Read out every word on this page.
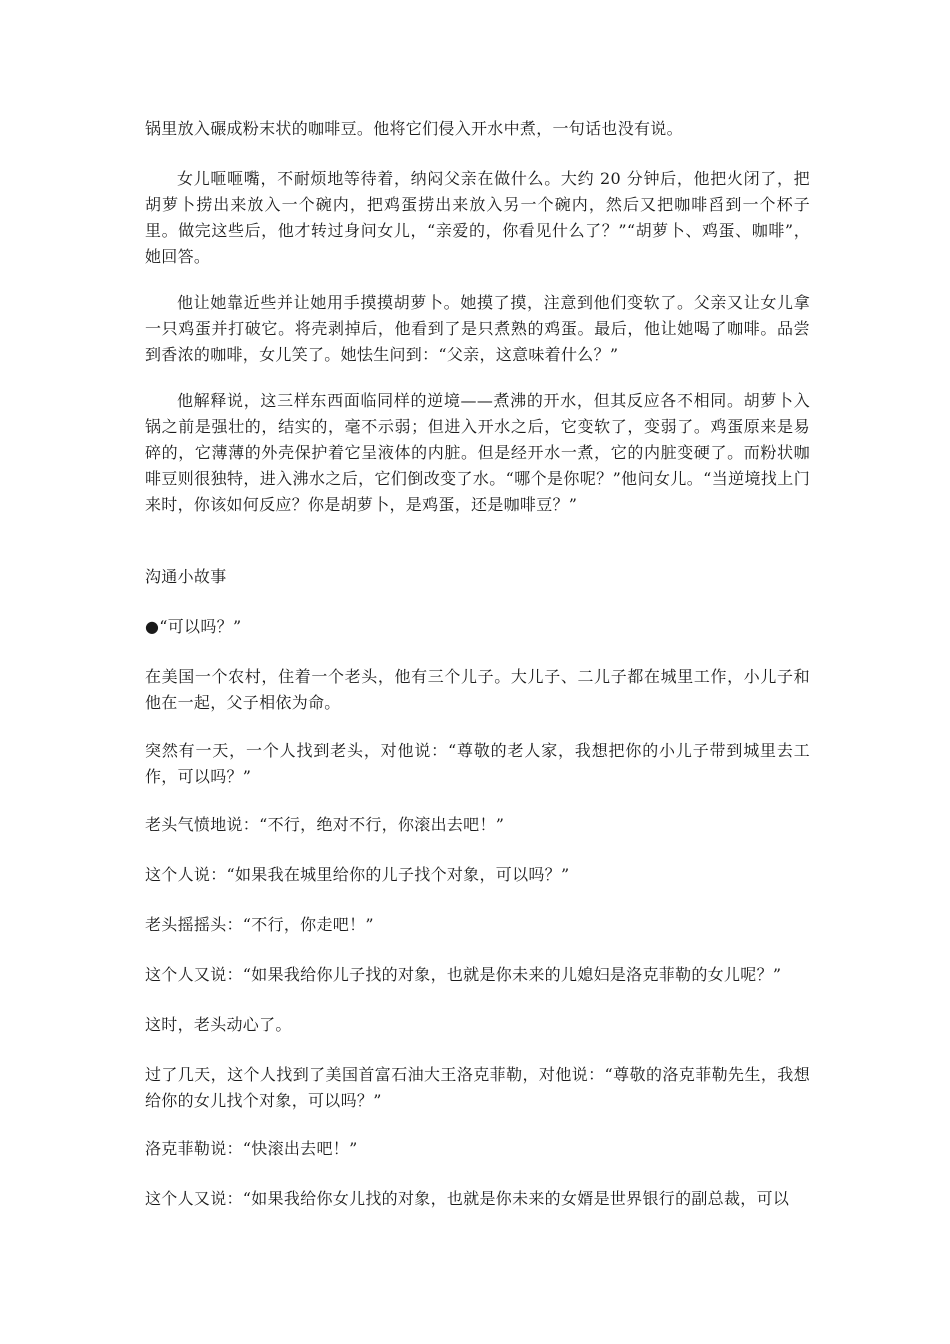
锅里放入碾成粉末状的咖啡豆。他将它们侵入开水中煮，一句话也没有说。

女儿咂咂嘴，不耐烦地等待着，纳闷父亲在做什么。大约 20 分钟后，他把火闭了，把胡萝卜捞出来放入一个碗内，把鸡蛋捞出来放入另一个碗内，然后又把咖啡舀到一个杯子里。做完这些后，他才转过身问女儿，“亲爱的，你看见什么了？”“胡萝卜、鸡蛋、咖啡”，她回答。

他让她靠近些并让她用手摸摸胡萝卜。她摸了摸，注意到他们变软了。父亲又让女儿拿一只鸡蛋并打破它。将壳剥掉后，他看到了是只煮熟的鸡蛋。最后，他让她喝了咖啡。品尝到香浓的咖啡，女儿笑了。她怯生问到：“父亲，这意味着什么？”

他解释说，这三样东西面临同样的逆境——煮沸的开水，但其反应各不相同。胡萝卜入锅之前是强壮的，结实的，毫不示弱；但进入开水之后，它变软了，变弱了。鸡蛋原来是易碎的，它薄薄的外壳保护着它呈液体的内脏。但是经开水一煮，它的内脏变硬了。而粉状咖啡豆则很独特，进入沸水之后，它们倒改变了水。“哪个是你呢？”他问女儿。“当逆境找上门来时，你该如何反应？你是胡萝卜，是鸡蛋，还是咖啡豆？”

沟通小故事

●“可以吗？”

在美国一个农村，住着一个老头，他有三个儿子。大儿子、二儿子都在城里工作，小儿子和他在一起，父子相依为命。

突然有一天，一个人找到老头，对他说：“尊敬的老人家，我想把你的小儿子带到城里去工作，可以吗？”

老头气愤地说：“不行，绝对不行，你滚出去吧！”

这个人说：“如果我在城里给你的儿子找个对象，可以吗？”

老头摇摇头：“不行，你走吧！”

这个人又说：“如果我给你儿子找的对象，也就是你未来的儿媳妇是洛克菲勒的女儿呢？”

这时，老头动心了。

过了几天，这个人找到了美国首富石油大王洛克菲勒，对他说：“尊敬的洛克菲勒先生，我想给你的女儿找个对象，可以吗？”

洛克菲勒说：“快滚出去吧！”

这个人又说：“如果我给你女儿找的对象，也就是你未来的女婿是世界银行的副总裁，可以
